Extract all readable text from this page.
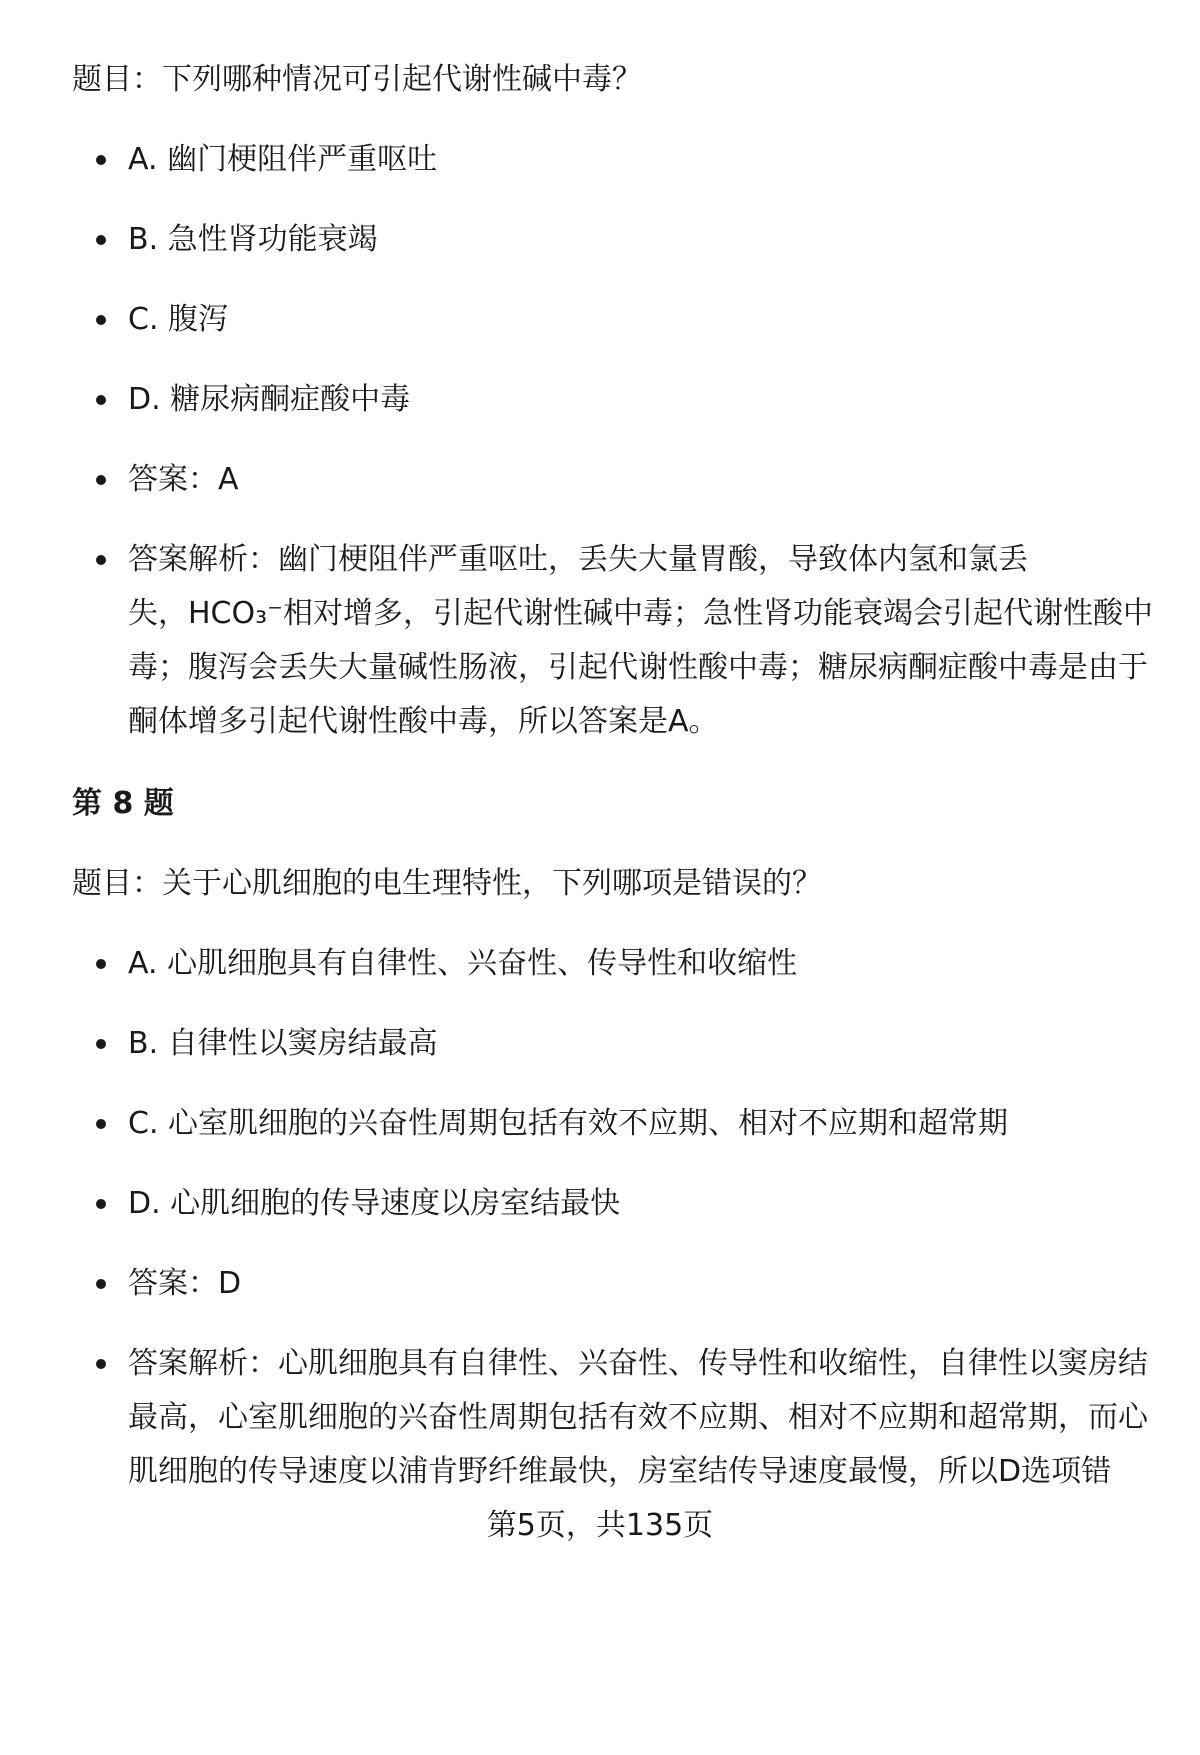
题目：下列哪种情况可引起代谢性碱中毒？
A. 幽门梗阻伴严重呕吐
B. 急性肾功能衰竭
C. 腹泻
D. 糖尿病酮症酸中毒
答案：A
答案解析：幽门梗阻伴严重呕吐，丢失大量胃酸，导致体内氢和氯丢
失，HCO₃⁻相对增多，引起代谢性碱中毒；急性肾功能衰竭会引起代谢性酸中
毒；腹泻会丢失大量碱性肠液，引起代谢性酸中毒；糖尿病酮症酸中毒是由于
酮体增多引起代谢性酸中毒，所以答案是A。
第 8 题
题目：关于心肌细胞的电生理特性，下列哪项是错误的？
A. 心肌细胞具有自律性、兴奋性、传导性和收缩性
B. 自律性以窦房结最高
C. 心室肌细胞的兴奋性周期包括有效不应期、相对不应期和超常期
D. 心肌细胞的传导速度以房室结最快
答案：D
答案解析：心肌细胞具有自律性、兴奋性、传导性和收缩性，自律性以窦房结
最高，心室肌细胞的兴奋性周期包括有效不应期、相对不应期和超常期，而心
肌细胞的传导速度以浦肯野纤维最快，房室结传导速度最慢，所以D选项错
第5页，共135页
